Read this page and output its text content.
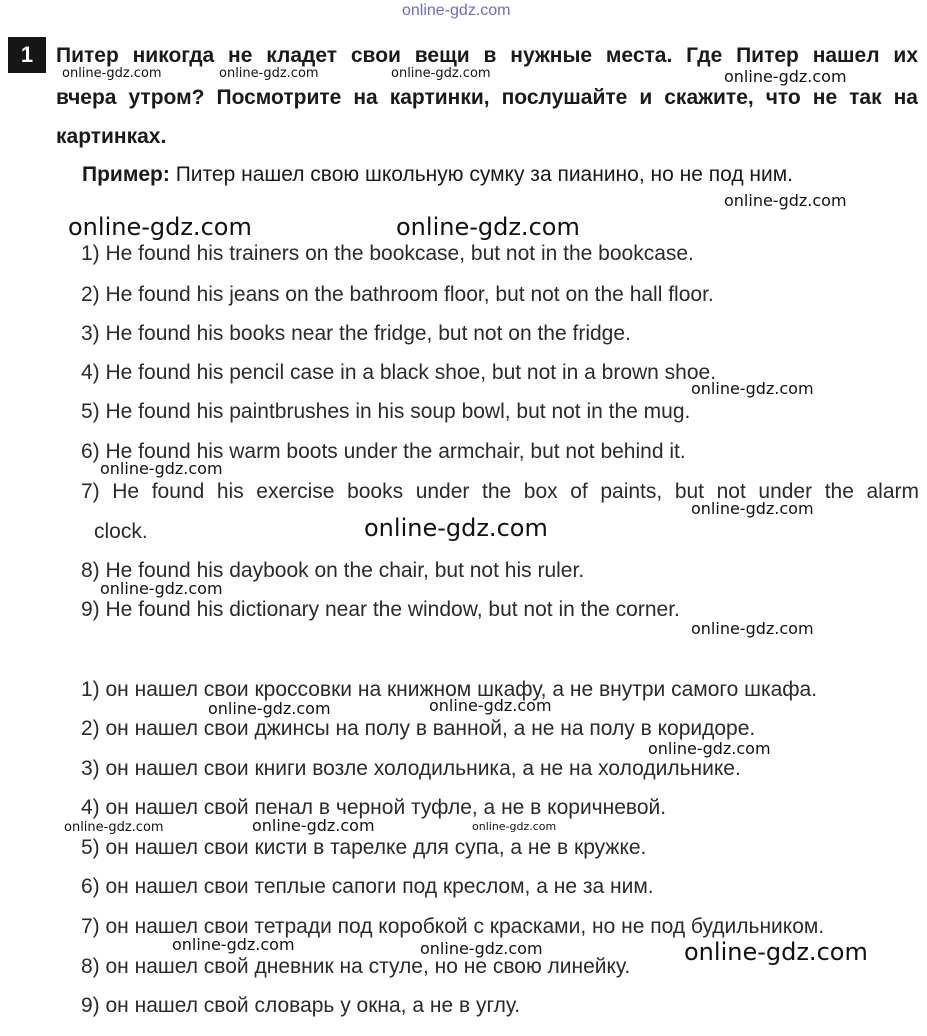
online-gdz.com
1	Питер никогда не кладет свои вещи в нужные места. Где Питер нашел их
вчера утром? Посмотрите на картинки, послушайте и скажите, что не так на
картинках.
Пример: Питер нашел свою школьную сумку за пианино, но не под ним.
1) He found his trainers on the bookcase, but not in the bookcase.
2) He found his jeans on the bathroom floor, but not on the hall floor.
3) He found his books near the fridge, but not on the fridge.
4) He found his pencil case in a black shoe, but not in a brown shoe.
5) He found his paintbrushes in his soup bowl, but not in the mug.
6) He found his warm boots under the armchair, but not behind it.
7) He found his exercise books under the box of paints, but not under the alarm
clock.
8) He found his daybook on the chair, but not his ruler.
9) He found his dictionary near the window, but not in the corner.
1) он нашел свои кроссовки на книжном шкафу, а не внутри самого шкафа.
2) он нашел свои джинсы на полу в ванной, а не на полу в коридоре.
3) он нашел свои книги возле холодильника, а не на холодильнике.
4) он нашел свой пенал в черной туфле, а не в коричневой.
5) он нашел свои кисти в тарелке для супа, а не в кружке.
6) он нашел свои теплые сапоги под креслом, а не за ним.
7) он нашел свои тетради под коробкой с красками, но не под будильником.
8) он нашел свой дневник на стуле, но не свою линейку.
9) он нашел свой словарь у окна, а не в углу.
online-gdz.com	online-gdz.com	online-gdz.com	online-gdz.com
online-gdz.com
online-gdz.com	online-gdz.com
online-gdz.com
online-gdz.com
online-gdz.com
online-gdz.com
online-gdz.com
online-gdz.com
online-gdz.com	online-gdz.com
online-gdz.com
online-gdz.com	online-gdz.com	online-gdz.com
online-gdz.com	online-gdz.com	online-gdz.com
